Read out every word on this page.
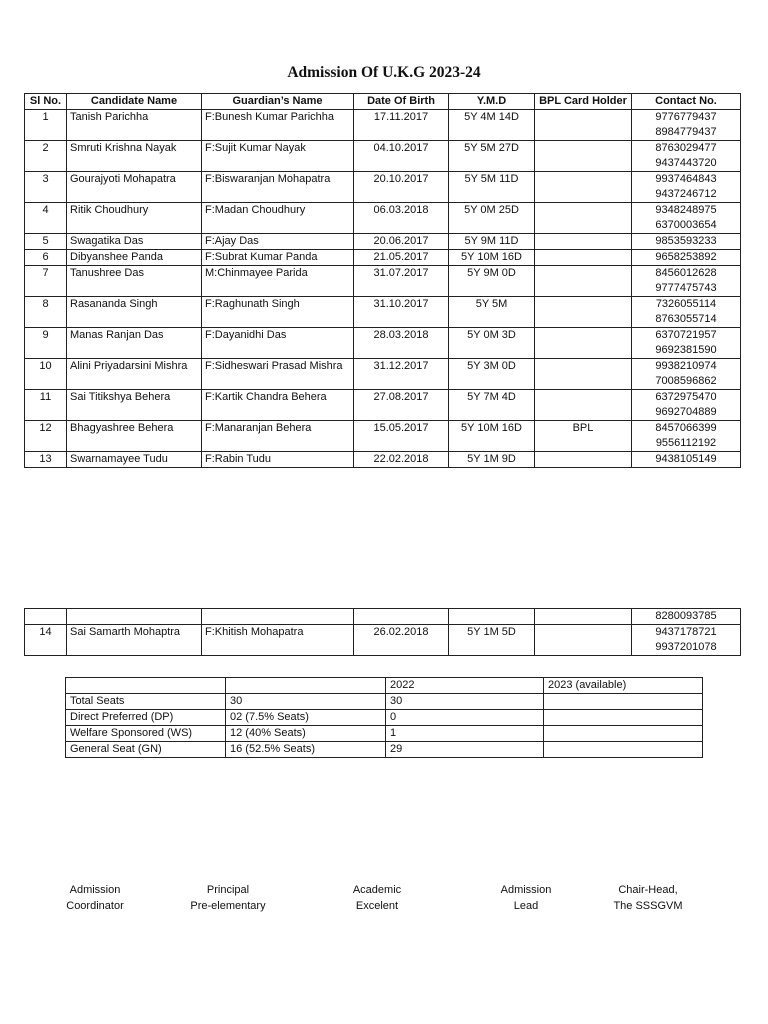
Admission Of U.K.G 2023-24
Sl No.	Candidate Name	Guardian’s Name	Date Of Birth	Y.M.D	BPL Card Holder	Contact No.
1	Tanish Parichha	F:Bunesh Kumar Parichha	17.11.2017	5Y 4M 14D		9776779437
8984779437

2	Smruti Krishna Nayak	F:Sujit Kumar Nayak	04.10.2017	5Y 5M 27D		8763029477
9437443720

3	Gourajyoti Mohapatra	F:Biswaranjan Mohapatra	20.10.2017	5Y 5M 11D		9937464843
9437246712

4	Ritik Choudhury	F:Madan Choudhury	06.03.2018	5Y 0M 25D		9348248975
6370003654

5	Swagatika Das	F:Ajay Das	20.06.2017	5Y 9M 11D		9853593233

6	Dibyanshee Panda	F:Subrat Kumar Panda	21.05.2017	5Y 10M 16D		9658253892

7	Tanushree Das	M:Chinmayee Parida	31.07.2017	5Y 9M 0D		8456012628
9777475743

8	Rasananda Singh	F:Raghunath Singh	31.10.2017	5Y 5M		7326055114
8763055714

9	Manas Ranjan Das	F:Dayanidhi Das	28.03.2018	5Y 0M 3D		6370721957
9692381590

10	Alini Priyadarsini Mishra	F:Sidheswari Prasad Mishra	31.12.2017	5Y 3M 0D		9938210974
7008596862

11	Sai Titikshya Behera	F:Kartik Chandra Behera	27.08.2017	5Y 7M 4D		6372975470
9692704889

12	Bhagyashree Behera	F:Manaranjan Behera	15.05.2017	5Y 10M 16D	BPL	8457066399
9556112192

13	Swarnamayee Tudu	F:Rabin Tudu	22.02.2018	5Y 1M 9D		9438105149
						8280093785
14	Sai Samarth Mohaptra	F:Khitish Mohapatra	26.02.2018	5Y 1M 5D		9437178721
9937201078
		2022	2023 (available)
Total Seats	30	30	
Direct Preferred (DP)	02 (7.5% Seats)	0	
Welfare Sponsored (WS)	12 (40% Seats)	1	
General Seat (GN)	16 (52.5% Seats)	29	
Admission
Coordinator
Principal
Pre-elementary
Academic
Excelent
Admission
Lead
Chair-Head,
The SSSGVM
